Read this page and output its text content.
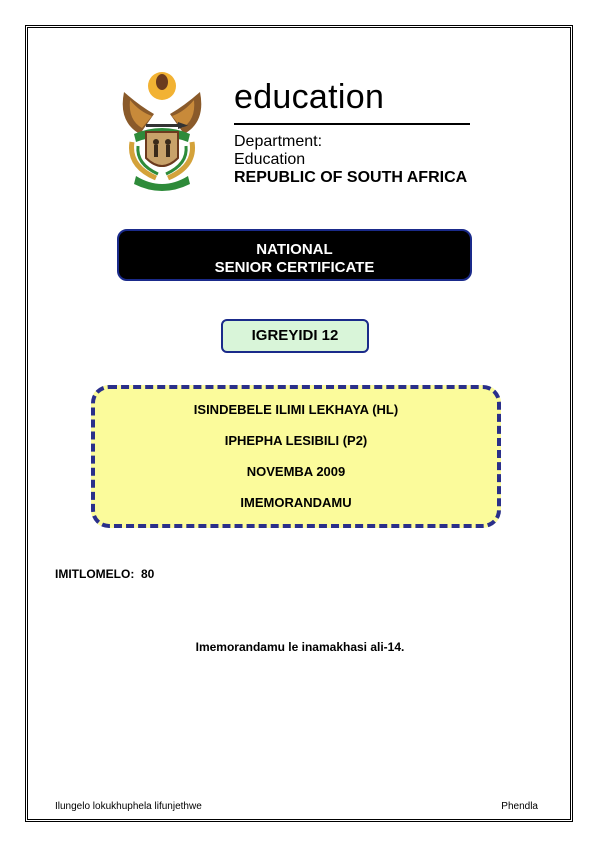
education
Department:
Education
REPUBLIC OF SOUTH AFRICA
NATIONAL
SENIOR CERTIFICATE
IGREYIDI 12
ISINDEBELE ILIMI LEKHAYA (HL)
IPHEPHA LESIBILI (P2)
NOVEMBA 2009
IMEMORANDAMU
IMITLOMELO:  80
Imemorandamu le inamakhasi ali-14.
Ilungelo lokukhuphela lifunjethwe	Phendla
